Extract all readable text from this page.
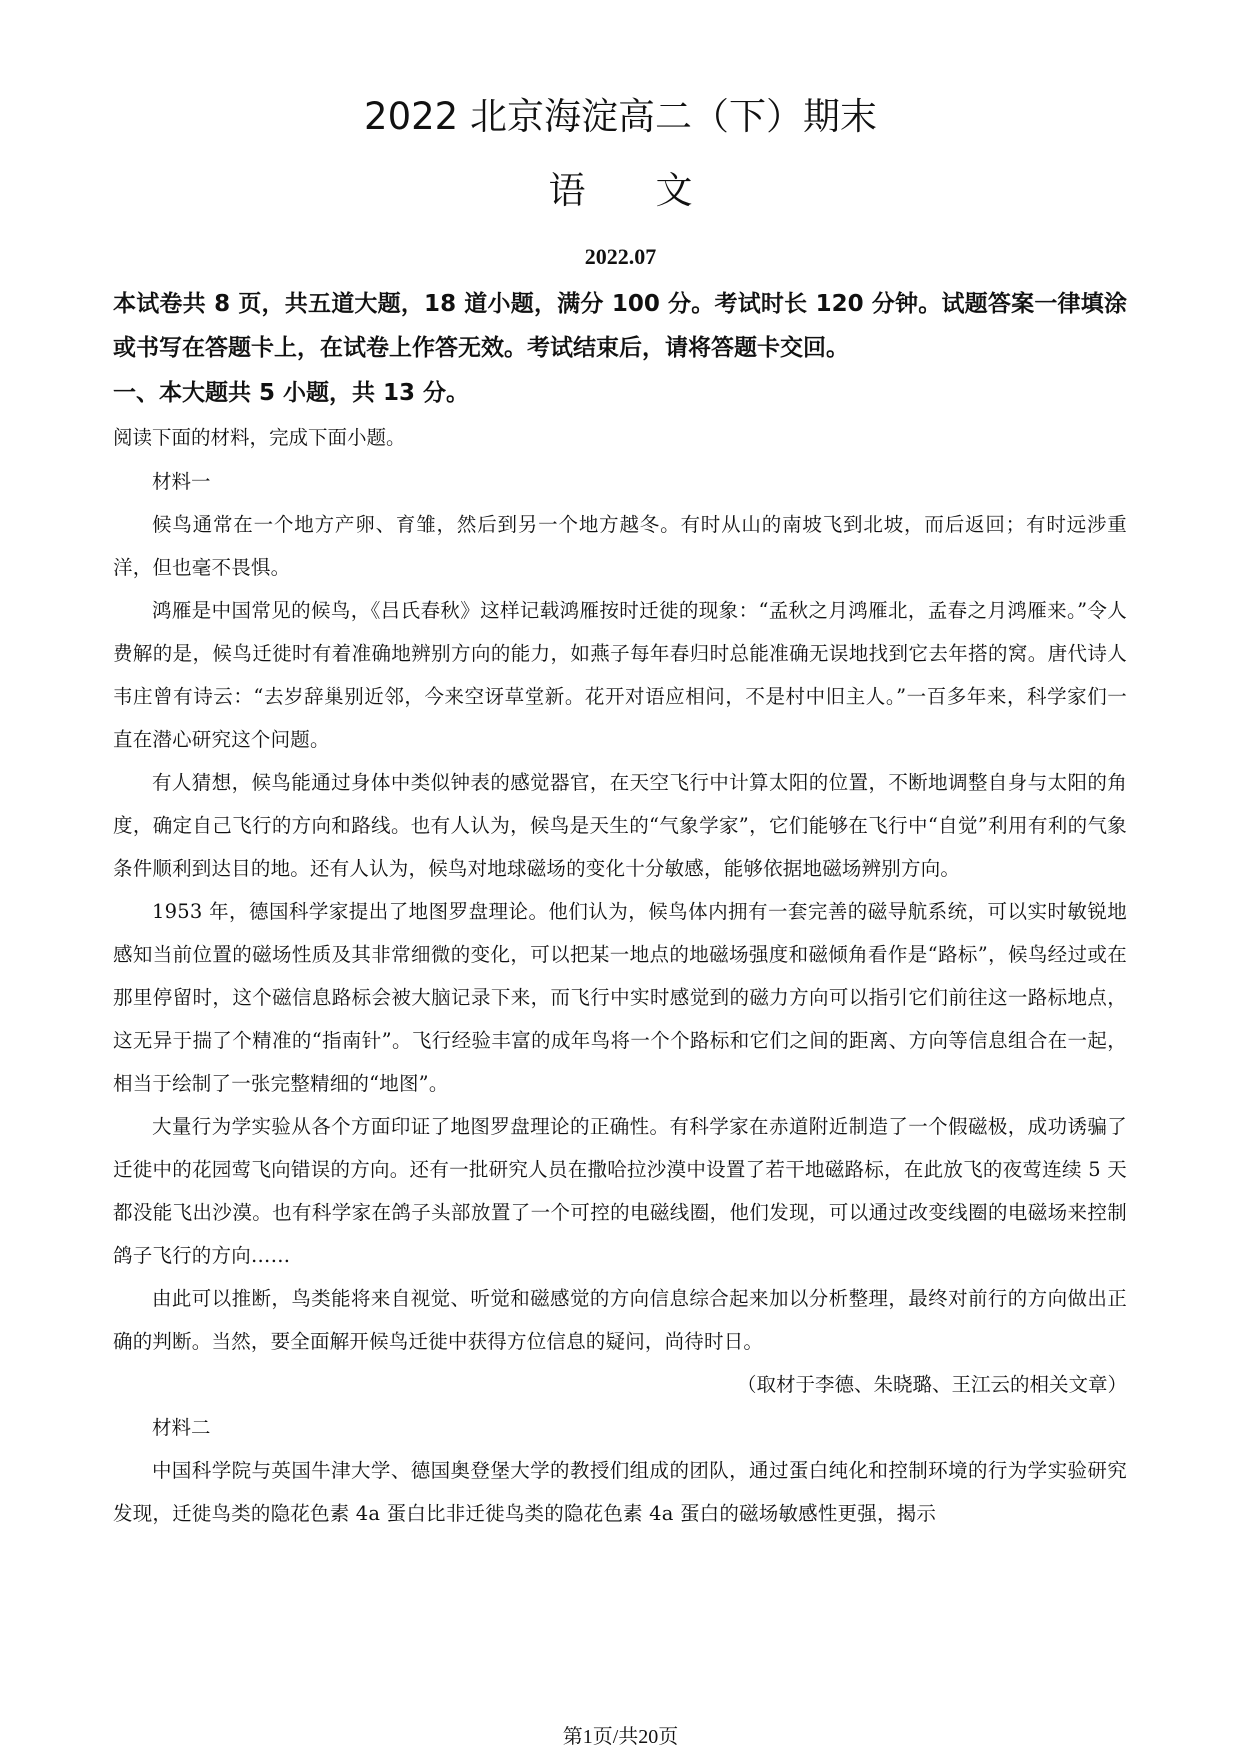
2022 北京海淀高二（下）期末
语文
2022.07

本试卷共 8 页，共五道大题，18 道小题，满分 100 分。考试时长 120 分钟。试题答案一律填涂或书写在答题卡上，在试卷上作答无效。考试结束后，请将答题卡交回。

一、本大题共 5 小题，共 13 分。

阅读下面的材料，完成下面小题。

材料一

候鸟通常在一个地方产卵、育雏，然后到另一个地方越冬。有时从山的南坡飞到北坡，而后返回；有时远涉重洋，但也毫不畏惧。

鸿雁是中国常见的候鸟，《吕氏春秋》这样记载鸿雁按时迁徙的现象：“孟秋之月鸿雁北，孟春之月鸿雁来。”令人费解的是，候鸟迁徙时有着准确地辨别方向的能力，如燕子每年春归时总能准确无误地找到它去年搭的窝。唐代诗人韦庄曾有诗云：“去岁辞巢别近邻，今来空讶草堂新。花开对语应相问，不是村中旧主人。”一百多年来，科学家们一直在潜心研究这个问题。

有人猜想，候鸟能通过身体中类似钟表的感觉器官，在天空飞行中计算太阳的位置，不断地调整自身与太阳的角度，确定自己飞行的方向和路线。也有人认为，候鸟是天生的“气象学家”，它们能够在飞行中“自觉”利用有利的气象条件顺利到达目的地。还有人认为，候鸟对地球磁场的变化十分敏感，能够依据地磁场辨别方向。

1953 年，德国科学家提出了地图罗盘理论。他们认为，候鸟体内拥有一套完善的磁导航系统，可以实时敏锐地感知当前位置的磁场性质及其非常细微的变化，可以把某一地点的地磁场强度和磁倾角看作是“路标”，候鸟经过或在那里停留时，这个磁信息路标会被大脑记录下来，而飞行中实时感觉到的磁力方向可以指引它们前往这一路标地点，这无异于揣了个精准的“指南针”。飞行经验丰富的成年鸟将一个个路标和它们之间的距离、方向等信息组合在一起，相当于绘制了一张完整精细的“地图”。

大量行为学实验从各个方面印证了地图罗盘理论的正确性。有科学家在赤道附近制造了一个假磁极，成功诱骗了迁徙中的花园莺飞向错误的方向。还有一批研究人员在撒哈拉沙漠中设置了若干地磁路标，在此放飞的夜莺连续 5 天都没能飞出沙漠。也有科学家在鸽子头部放置了一个可控的电磁线圈，他们发现，可以通过改变线圈的电磁场来控制鸽子飞行的方向……

由此可以推断，鸟类能将来自视觉、听觉和磁感觉的方向信息综合起来加以分析整理，最终对前行的方向做出正确的判断。当然，要全面解开候鸟迁徙中获得方位信息的疑问，尚待时日。

（取材于李德、朱晓璐、王江云的相关文章）

材料二

中国科学院与英国牛津大学、德国奥登堡大学的教授们组成的团队，通过蛋白纯化和控制环境的行为学实验研究发现，迁徙鸟类的隐花色素 4a 蛋白比非迁徙鸟类的隐花色素 4a 蛋白的磁场敏感性更强，揭示

第1页/共20页
